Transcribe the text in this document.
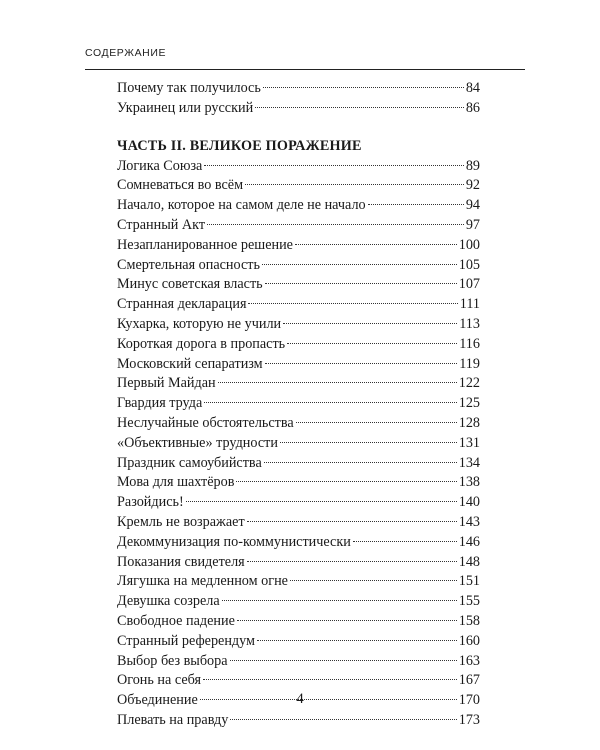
СОДЕРЖАНИЕ
Почему так получилось	84
Украинец или русский	86
ЧАСТЬ II. ВЕЛИКОЕ ПОРАЖЕНИЕ
Логика Союза	89
Сомневаться во всём	92
Начало, которое на самом деле не начало	94
Странный Акт	97
Незапланированное решение	100
Смертельная опасность	105
Минус советская власть	107
Странная декларация	111
Кухарка, которую не учили	113
Короткая дорога в пропасть	116
Московский сепаратизм	119
Первый Майдан	122
Гвардия труда	125
Неслучайные обстоятельства	128
«Объективные» трудности	131
Праздник самоубийства	134
Мова для шахтёров	138
Разойдись!	140
Кремль не возражает	143
Декоммунизация по-коммунистически	146
Показания свидетеля	148
Лягушка на медленном огне	151
Девушка созрела	155
Свободное падение	158
Странный референдум	160
Выбор без выбора	163
Огонь на себя	167
Объединение	170
Плевать на правду	173
4
